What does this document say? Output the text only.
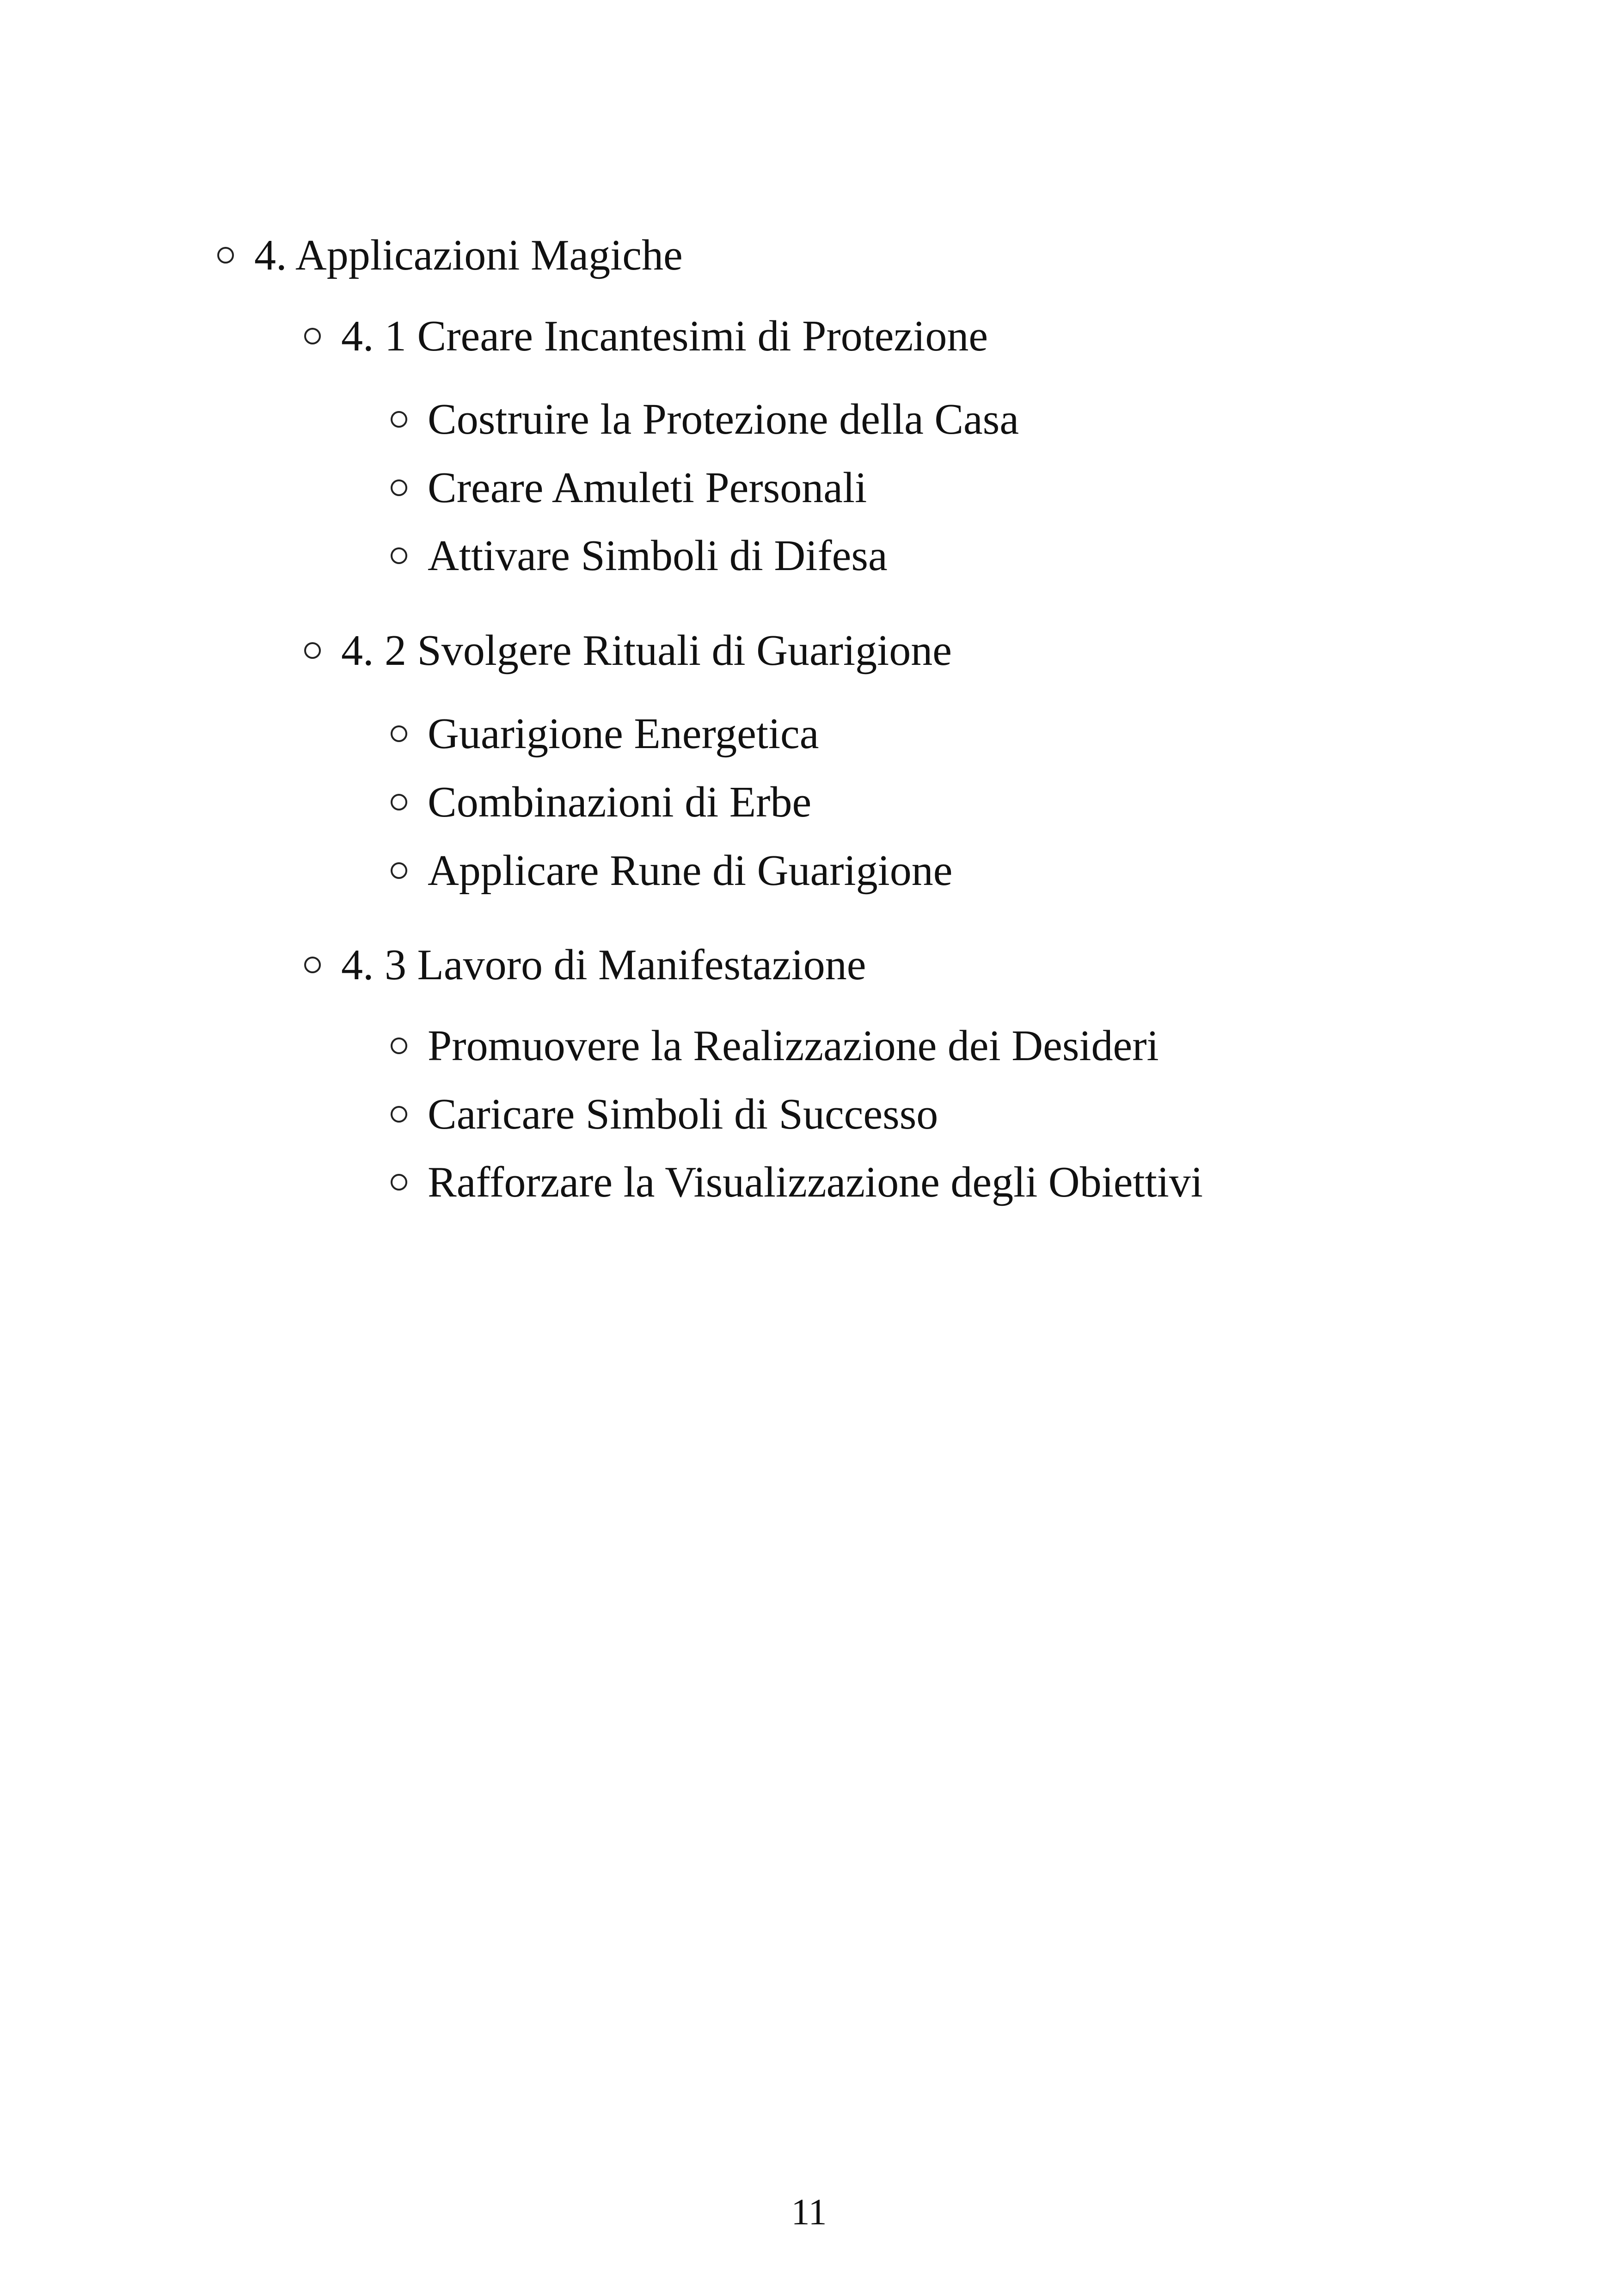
4. Applicazioni Magiche
4. 1 Creare Incantesimi di Protezione
Costruire la Protezione della Casa
Creare Amuleti Personali
Attivare Simboli di Difesa
4. 2 Svolgere Rituali di Guarigione
Guarigione Energetica
Combinazioni di Erbe
Applicare Rune di Guarigione
4. 3 Lavoro di Manifestazione
Promuovere la Realizzazione dei Desideri
Caricare Simboli di Successo
Rafforzare la Visualizzazione degli Obiettivi
11
